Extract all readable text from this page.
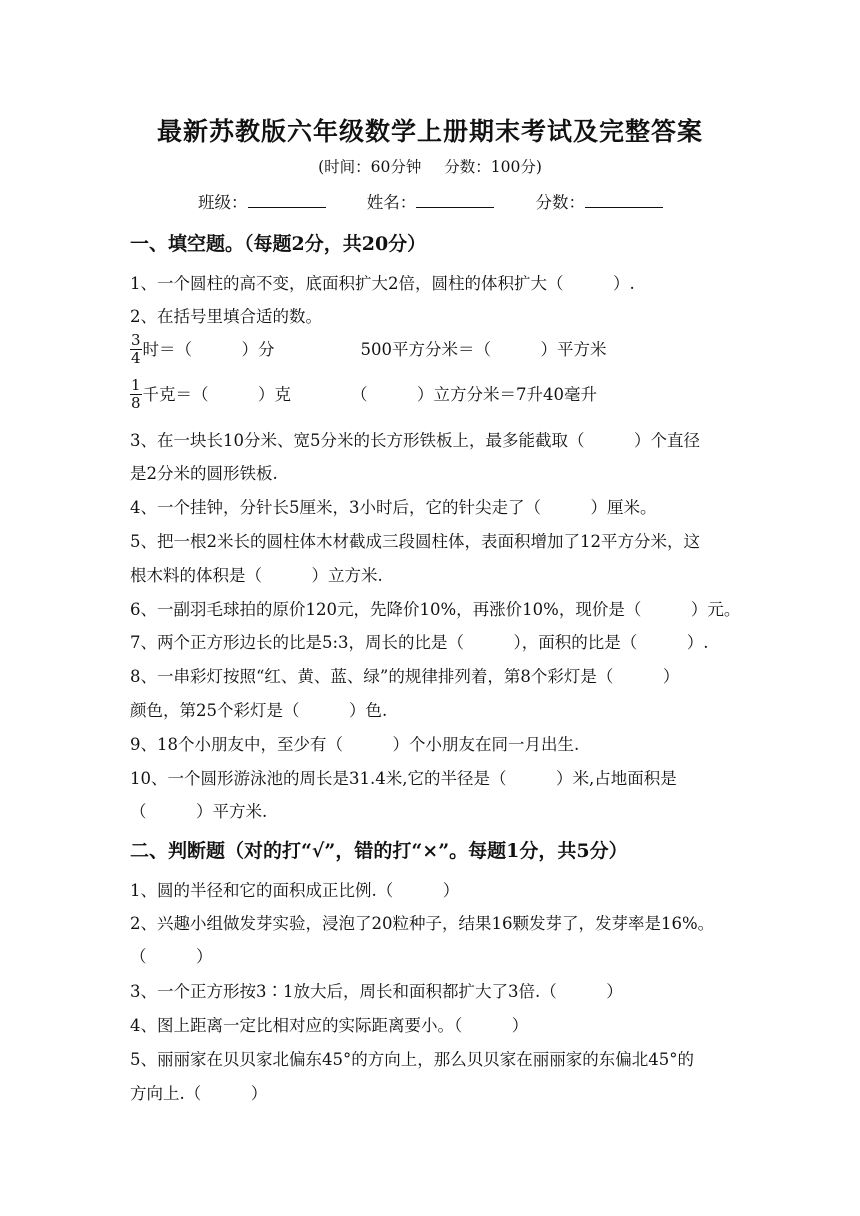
最新苏教版六年级数学上册期末考试及完整答案
(时间：60分钟 分数：100分)
班级：	姓名：	分数：
一、填空题。（每题2分，共20分）
1、一个圆柱的高不变，底面积扩大2倍，圆柱的体积扩大（　　　）.
2、在括号里填合适的数。
$\frac{3}{4}$ 时＝（　　　）分	500平方分米＝（　　　）平方米
$\frac{1}{8}$ 千克＝（　　　）克	（　　　）立方分米＝7升40毫升
3、在一块长10分米、宽5分米的长方形铁板上，最多能截取（　　　）个直径
是2分米的圆形铁板.
4、一个挂钟，分针长5厘米，3小时后，它的针尖走了（　　　）厘米。
5、把一根2米长的圆柱体木材截成三段圆柱体，表面积增加了12平方分米，这
根木料的体积是（　　　）立方米.
6、一副羽毛球拍的原价120元，先降价10%，再涨价10%，现价是（　　　）元。
7、两个正方形边长的比是5:3，周长的比是（　　　），面积的比是（　　　）.
8、一串彩灯按照“红、黄、蓝、绿”的规律排列着，第8个彩灯是（　　　）
颜色，第25个彩灯是（　　　）色.
9、18个小朋友中，至少有（　　　）个小朋友在同一月出生.
10、一个圆形游泳池的周长是31.4米,它的半径是（　　　）米,占地面积是
（　　　）平方米.
二、判断题（对的打“√”，错的打“×”。每题1分，共5分）
1、圆的半径和它的面积成正比例.（　　　）
2、兴趣小组做发芽实验，浸泡了20粒种子，结果16颗发芽了，发芽率是16%。
（　　　）
3、一个正方形按3∶1放大后，周长和面积都扩大了3倍.（　　　）
4、图上距离一定比相对应的实际距离要小。（　　　）
5、丽丽家在贝贝家北偏东45°的方向上，那么贝贝家在丽丽家的东偏北45°的
方向上.（　　　）
